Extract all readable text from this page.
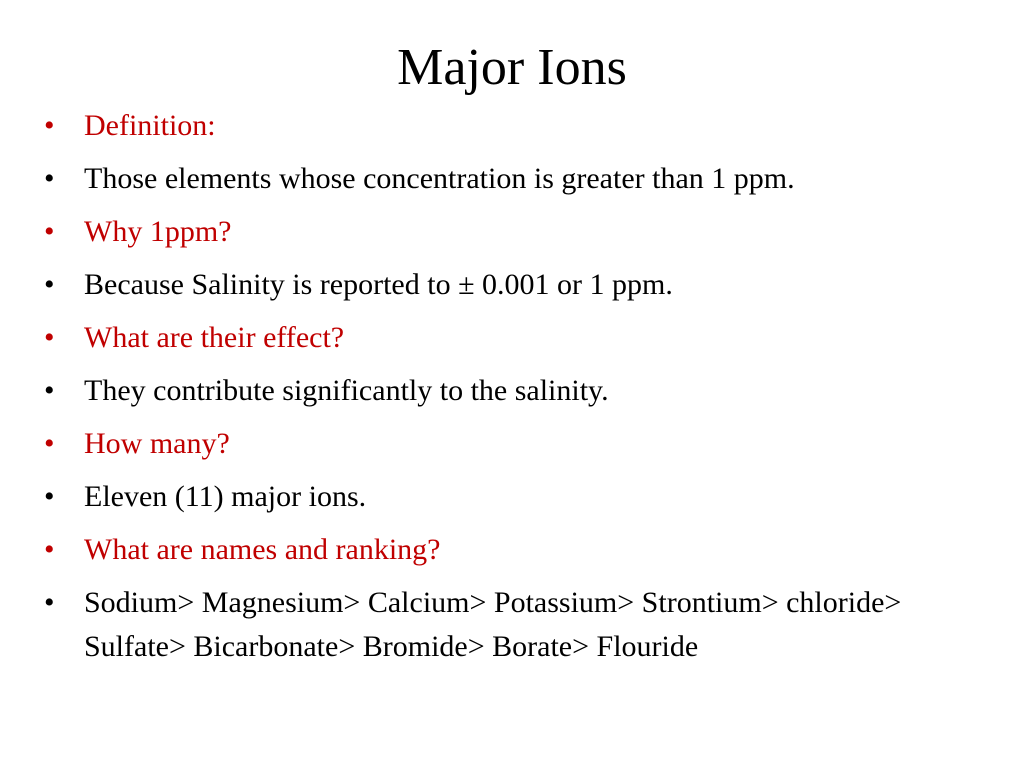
Major Ions
• Definition:
• Those elements whose concentration is greater than 1 ppm.
• Why 1ppm?
• Because Salinity is reported to ± 0.001 or 1 ppm.
• What are their effect?
• They contribute significantly to the salinity.
• How many?
• Eleven (11) major ions.
• What are names and ranking?
• Sodium> Magnesium> Calcium> Potassium> Strontium> chloride> Sulfate> Bicarbonate> Bromide> Borate> Flouride
